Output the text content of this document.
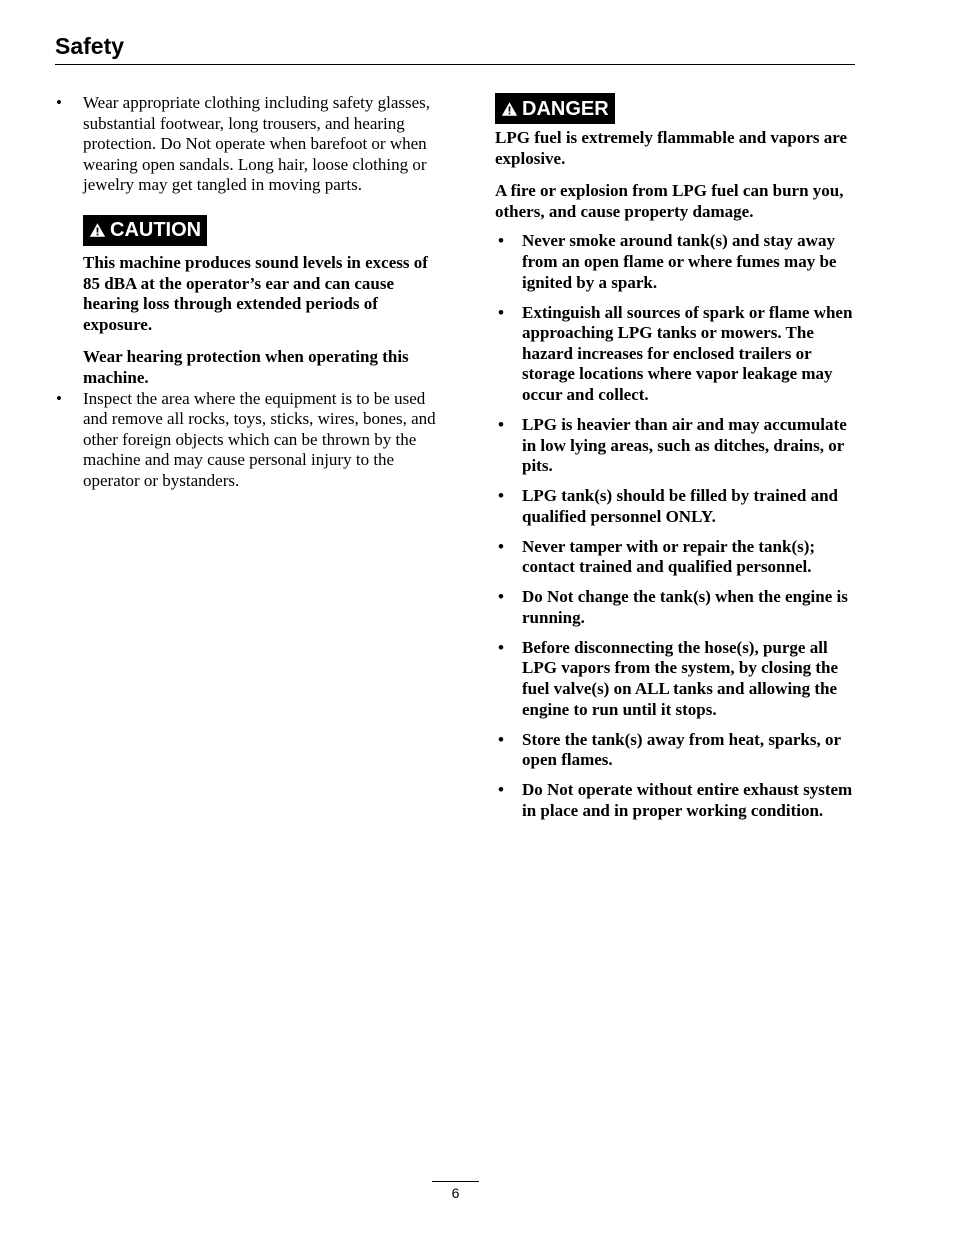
Safety
• Wear appropriate clothing including safety glasses, substantial footwear, long trousers, and hearing protection. Do Not operate when barefoot or when wearing open sandals. Long hair, loose clothing or jewelry may get tangled in moving parts.
CAUTION

This machine produces sound levels in excess of 85 dBA at the operator’s ear and can cause hearing loss through extended periods of exposure.

Wear hearing protection when operating this machine.

• Inspect the area where the equipment is to be used and remove all rocks, toys, sticks, wires, bones, and other foreign objects which can be thrown by the machine and may cause personal injury to the operator or bystanders.
DANGER

LPG fuel is extremely flammable and vapors are explosive.

A fire or explosion from LPG fuel can burn you, others, and cause property damage.

• Never smoke around tank(s) and stay away from an open flame or where fumes may be ignited by a spark.
• Extinguish all sources of spark or flame when approaching LPG tanks or mowers. The hazard increases for enclosed trailers or storage locations where vapor leakage may occur and collect.
• LPG is heavier than air and may accumulate in low lying areas, such as ditches, drains, or pits.
• LPG tank(s) should be filled by trained and qualified personnel ONLY.
• Never tamper with or repair the tank(s); contact trained and qualified personnel.
• Do Not change the tank(s) when the engine is running.
• Before disconnecting the hose(s), purge all LPG vapors from the system, by closing the fuel valve(s) on ALL tanks and allowing the engine to run until it stops.
• Store the tank(s) away from heat, sparks, or open flames.
• Do Not operate without entire exhaust system in place and in proper working condition.
6
